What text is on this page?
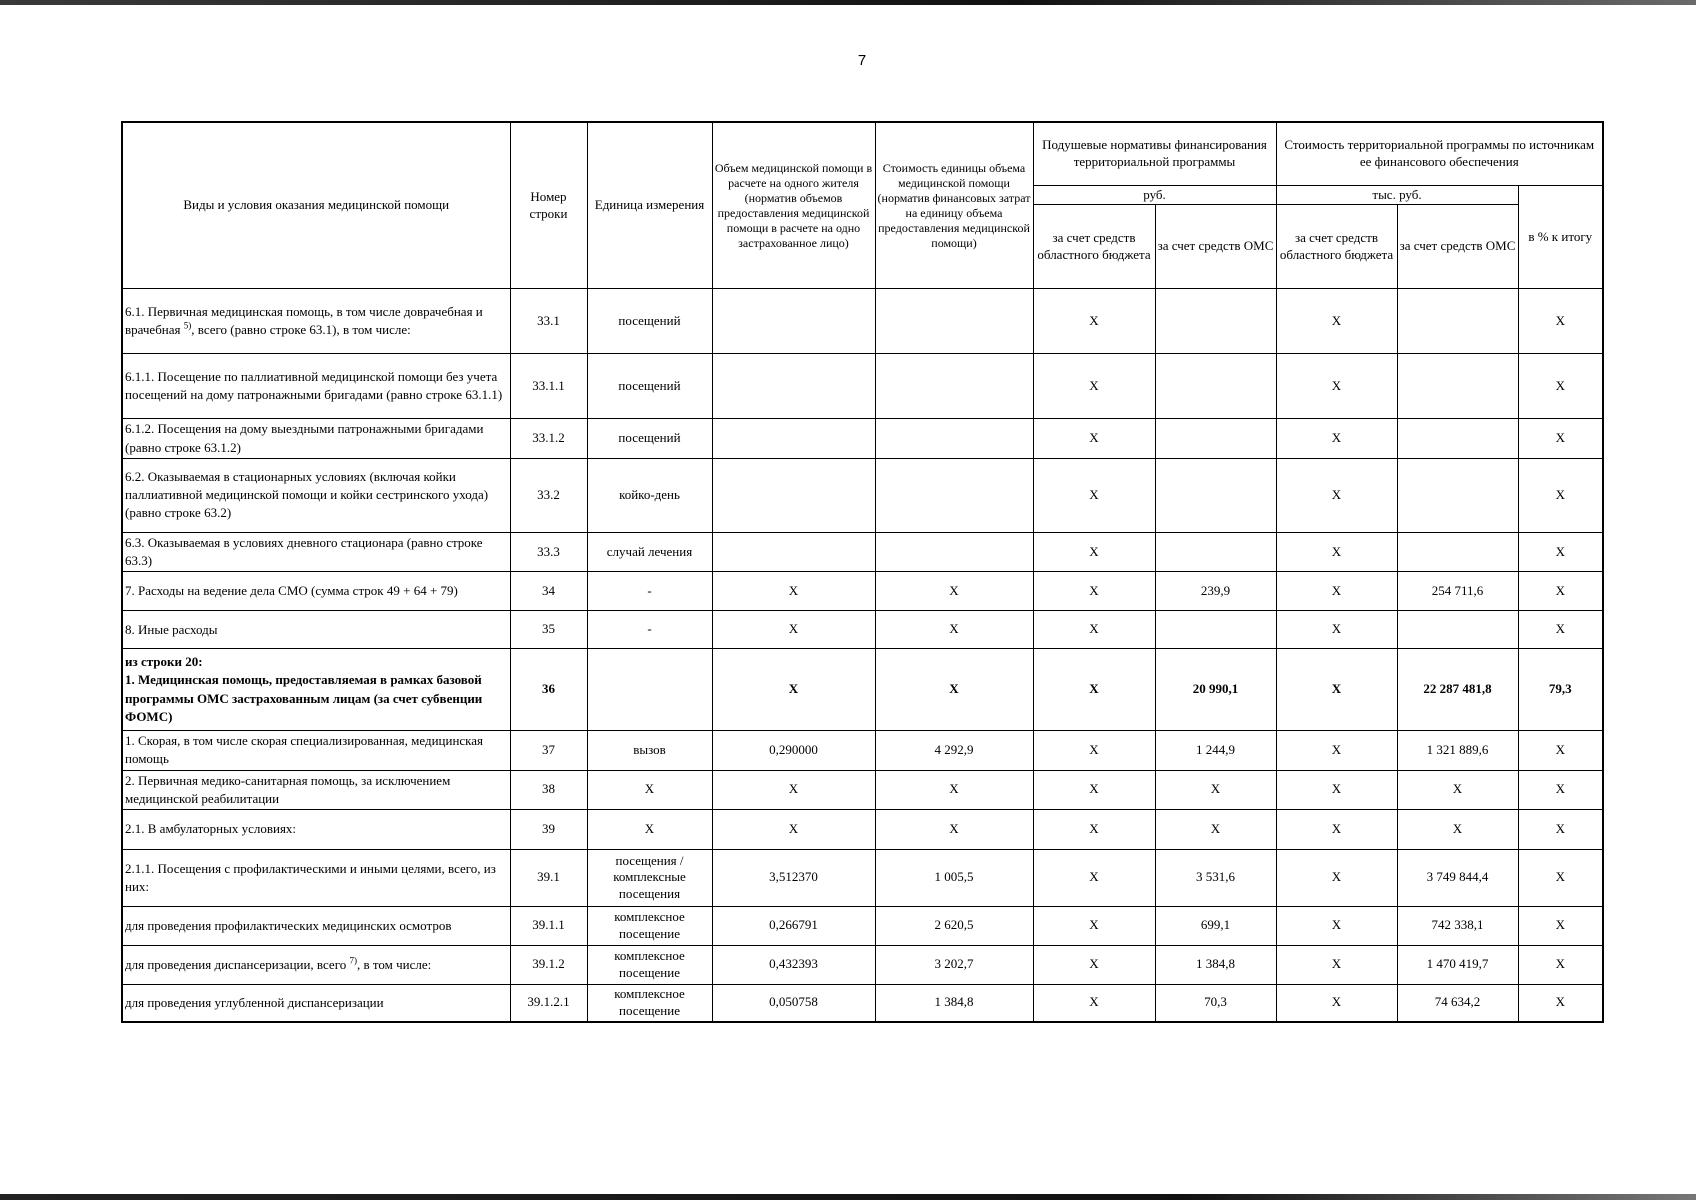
7
Виды и условия оказания медицинской помощи	Номер строки	Единица измерения	Объем медицинской помощи в расчете на одного жителя (норматив объемов предоставления медицинской помощи в расчете на одно застрахованное лицо)	Стоимость единицы объема медицинской помощи (норматив финансовых затрат на единицу объема предоставления медицинской помощи)	Подушевые нормативы финансирования территориальной программы		Стоимость территориальной программы по источникам ее финансового обеспечения		
					руб.		тыс. руб.		в % к итогу
					за счет средств областного бюджета	за счет средств ОМС	за счет средств областного бюджета	за счет средств ОМС	
6.1. Первичная медицинская помощь, в том числе доврачебная и врачебная $^{5)}$, всего (равно строке 63.1), в том числе:	33.1	посещений			X		X		X
6.1.1. Посещение по паллиативной медицинской помощи без учета посещений на дому патронажными бригадами (равно строке 63.1.1)	33.1.1	посещений			X		X		X
6.1.2. Посещения на дому выездными патронажными бригадами (равно строке 63.1.2)	33.1.2	посещений			X		X		X
6.2. Оказываемая в стационарных условиях (включая койки паллиативной медицинской помощи и койки сестринского ухода) (равно строке 63.2)	33.2	койко-день			X		X		X
6.3. Оказываемая в условиях дневного стационара (равно строке 63.3)	33.3	случай лечения			X		X		X
7. Расходы на ведение дела СМО (сумма строк 49 + 64 + 79)	34	-	X	X	X	239,9	X	254 711,6	X
8. Иные расходы	35	-	X	X	X		X		X

из строки 20:
1. Медицинская помощь, предоставляемая в рамках базовой программы ОМС застрахованным лицам (за счет субвенции ФОМС)	36		X	X	X	20 990,1	X	22 287 481,8	79,3
1. Скорая, в том числе скорая специализированная, медицинская помощь	37	вызов	0,290000	4 292,9	X	1 244,9	X	1 321 889,6	X
2. Первичная медико-санитарная помощь, за исключением медицинской реабилитации	38	X	X	X	X	X	X	X	X
2.1. В амбулаторных условиях:	39	X	X	X	X	X	X	X	X
2.1.1. Посещения с профилактическими и иными целями, всего, из них:	39.1	посещения / комплексные посещения	3,512370	1 005,5	X	3 531,6	X	3 749 844,4	X
для проведения профилактических медицинских осмотров	39.1.1	комплексное посещение	0,266791	2 620,5	X	699,1	X	742 338,1	X
для проведения диспансеризации, всего $^{7)}$, в том числе:	39.1.2	комплексное посещение	0,432393	3 202,7	X	1 384,8	X	1 470 419,7	X
для проведения углубленной диспансеризации	39.1.2.1	комплексное посещение	0,050758	1 384,8	X	70,3	X	74 634,2	X
